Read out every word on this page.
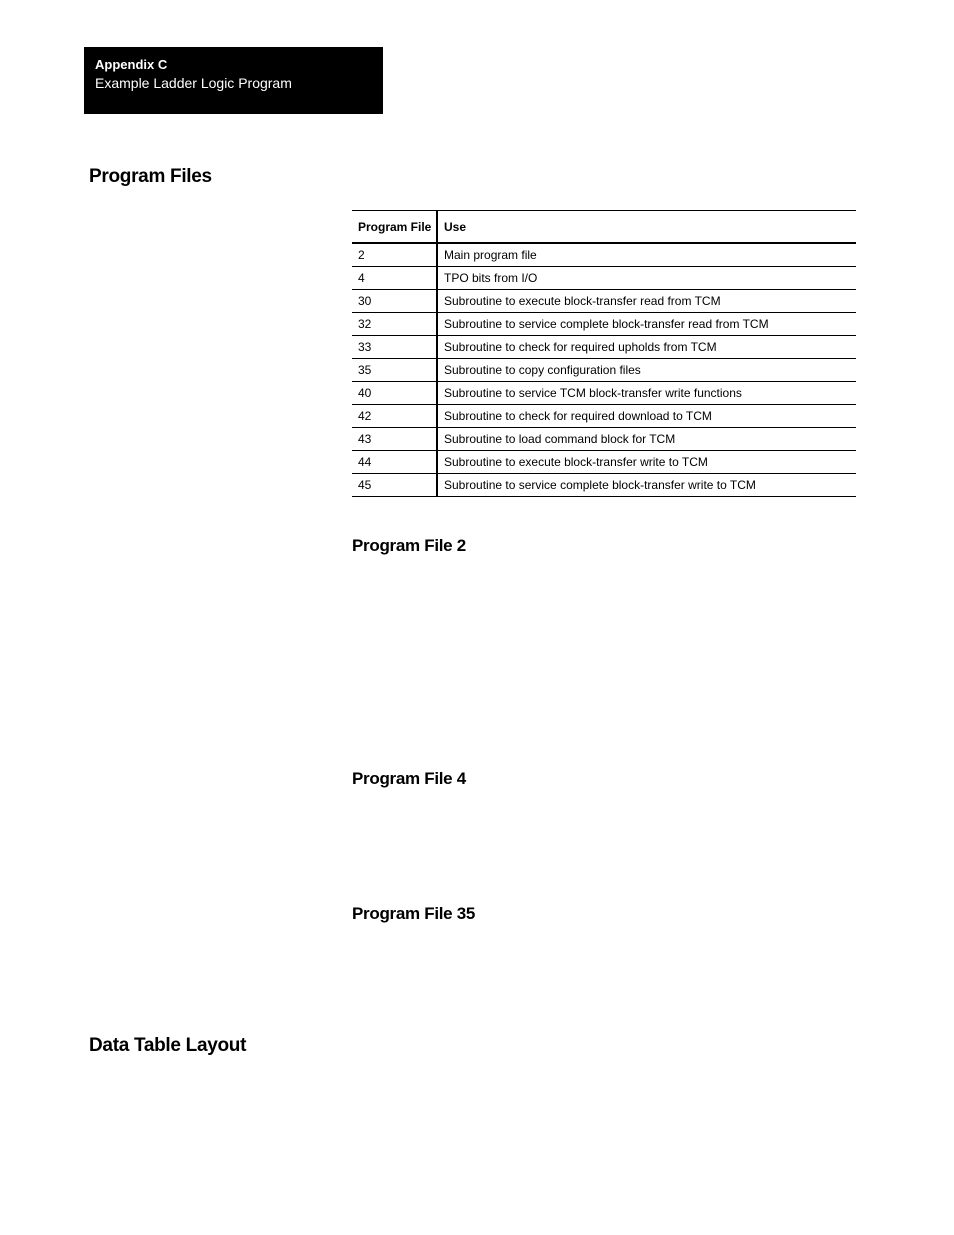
Appendix C
Example Ladder Logic Program
Program Files
Program File	Use
2	Main program file
4	TPO bits from I/O
30	Subroutine to execute block-transfer read from TCM
32	Subroutine to service complete block-transfer read from TCM
33	Subroutine to check for required upholds from TCM
35	Subroutine to copy configuration files
40	Subroutine to service TCM block-transfer write functions
42	Subroutine to check for required download to TCM
43	Subroutine to load command block for TCM
44	Subroutine to execute block-transfer write to TCM
45	Subroutine to service complete block-transfer write to TCM
Program File 2
Program File 4
Program File 35
Data Table Layout
